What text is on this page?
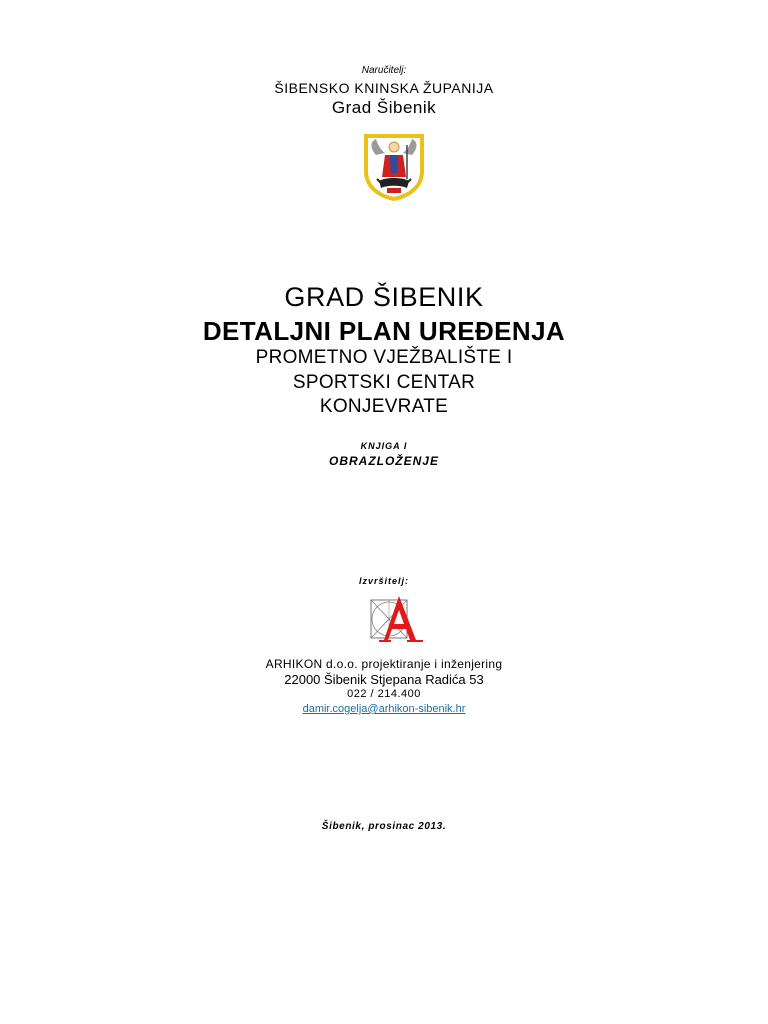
Naručitelj:
ŠIBENSKO KNINSKA ŽUPANIJA
Grad Šibenik
GRAD ŠIBENIK
DETALJNI PLAN UREĐENJA
PROMETNO VJEŽBALIŠTE I
SPORTSKI CENTAR
KONJEVRATE
KNJIGA I
OBRAZLOŽENJE
Izvršitelj:
ARHIKON d.o.o. projektiranje i inženjering
22000 Šibenik Stjepana Radića 53
022 / 214.400
damir.cogelja@arhikon-sibenik.hr
Šibenik, prosinac 2013.
